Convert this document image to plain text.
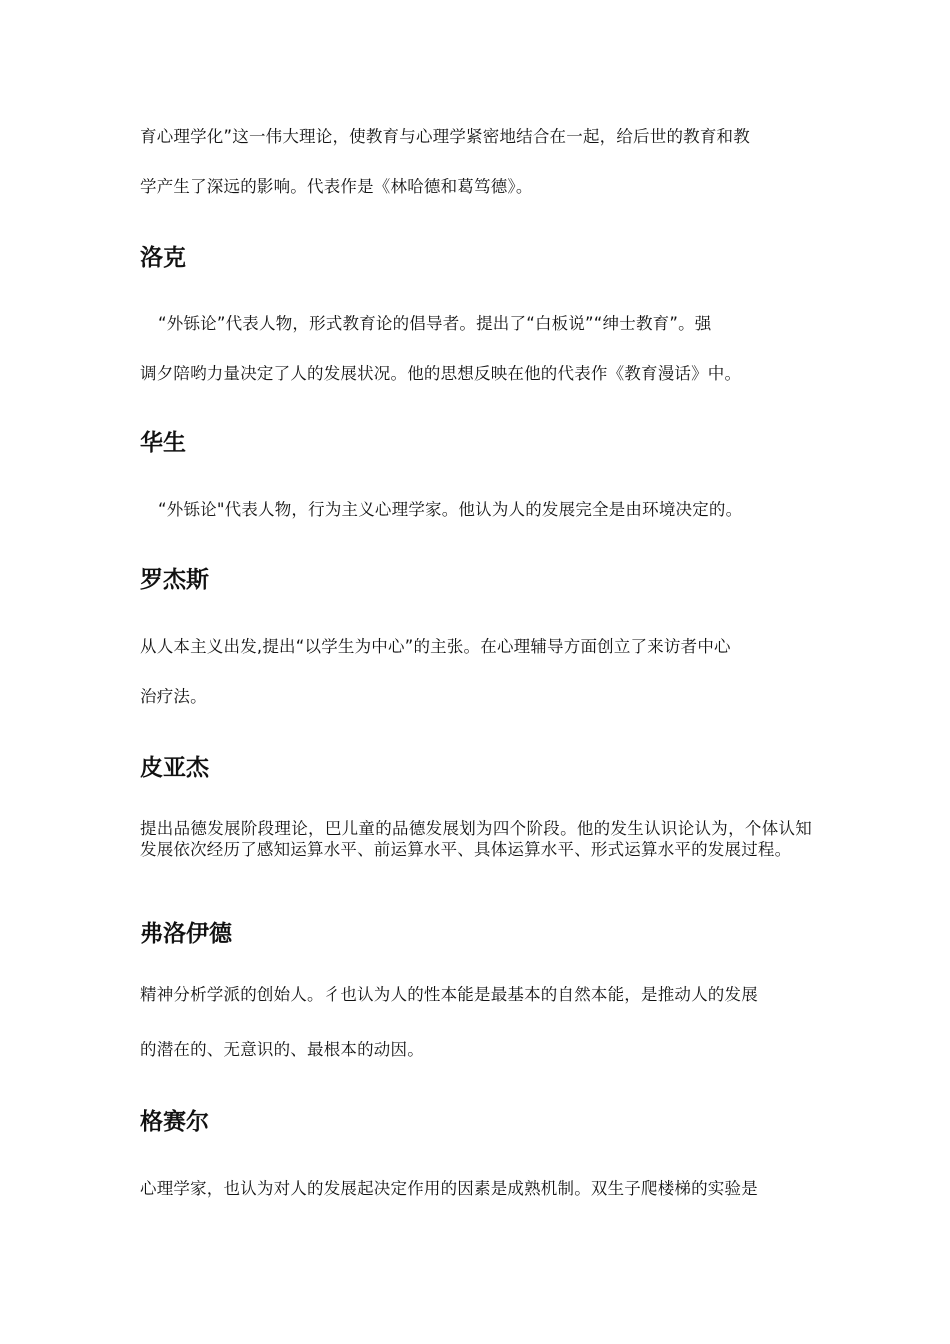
育心理学化”这一伟大理论，使教育与心理学紧密地结合在一起，给后世的教育和教
学产生了深远的影响。代表作是《林哈德和葛笃德》。
洛克
“外铄论”代表人物，形式教育论的倡导者。提出了“白板说”“绅士教育”。强
调夕陪哟力量决定了人的发展状况。他的思想反映在他的代表作《教育漫话》中。
华生
“外铄论"代表人物，行为主义心理学家。他认为人的发展完全是由环境决定的。
罗杰斯
从人本主义出发,提出“以学生为中心”的主张。在心理辅导方面创立了来访者中心
治疗法。
皮亚杰
提出品德发展阶段理论，巴儿童的品德发展划为四个阶段。他的发生认识论认为，个体认知发展依次经历了感知运算水平、前运算水平、具体运算水平、形式运算水平的发展过程。
弗洛伊德
精神分析学派的创始人。彳也认为人的性本能是最基本的自然本能，是推动人的发展
的潜在的、无意识的、最根本的动因。
格赛尔
心理学家，也认为对人的发展起决定作用的因素是成熟机制。双生子爬楼梯的实验是
